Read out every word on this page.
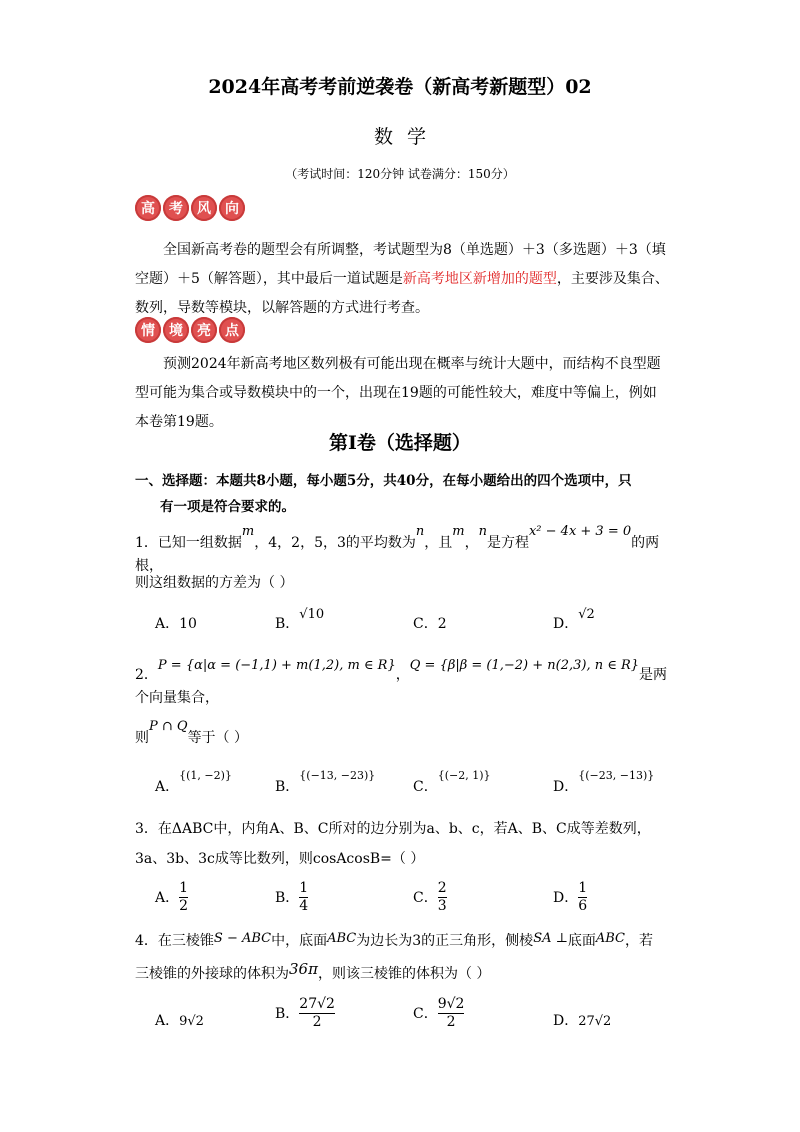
2024年高考考前逆袭卷（新高考新题型）02
数学
（考试时间：120分钟 试卷满分：150分）
高	考	风	向
全国新高考卷的题型会有所调整，考试题型为8（单选题）＋3（多选题）＋3（填空题）＋5（解答题），其中最后一道试题是新高考地区新增加的题型，主要涉及集合、数列，导数等模块，以解答题的方式进行考查。
情	境	亮	点
预测2024年新高考地区数列极有可能出现在概率与统计大题中，而结构不良型题型可能为集合或导数模块中的一个，出现在19题的可能性较大，难度中等偏上，例如本卷第19题。
第I卷（选择题）
一、选择题：本题共8小题，每小题5分，共40分，在每小题给出的四个选项中，只
有一项是符合要求的。
1．已知一组数据m，4，2，5，3的平均数为n，且m，n是方程x² − 4x + 3 = 0的两根，
则这组数据的方差为（ ）
A．10	B．√10
C．2	D．√2
2．P = {α|α = (−1,1) + m(1,2), m ∈ R}，Q = {β|β = (1,−2) + n(2,3), n ∈ R}是两个向量集合，
则P ∩ Q等于（ ）
A．$^{\{(1, -2)\}}$
B．$^{\{(-13, -23)\}}$
C．$^{\{(-2, 1)\}}$
D．$^{\{(-23, -13)\}}$
3．在ΔABC中，内角A、B、C所对的边分别为a、b、c，若A、B、C成等差数列，
3a、3b、3c成等比数列，则cosAcosB=（ ）
A． $\frac{1}{2}$	B． $\frac{1}{4}$	C． $\frac{2}{3}$	D． $\frac{1}{6}$
4．在三棱锥S − ABC中，底面ABC为边长为3的正三角形，侧棱SA ⊥底面ABC，若
三棱锥的外接球的体积为36π，则该三棱锥的体积为（ ）
A．9√2	B． $\frac{27√2}{2}$	C． $\frac{9√2}{2}$	D．27√2
